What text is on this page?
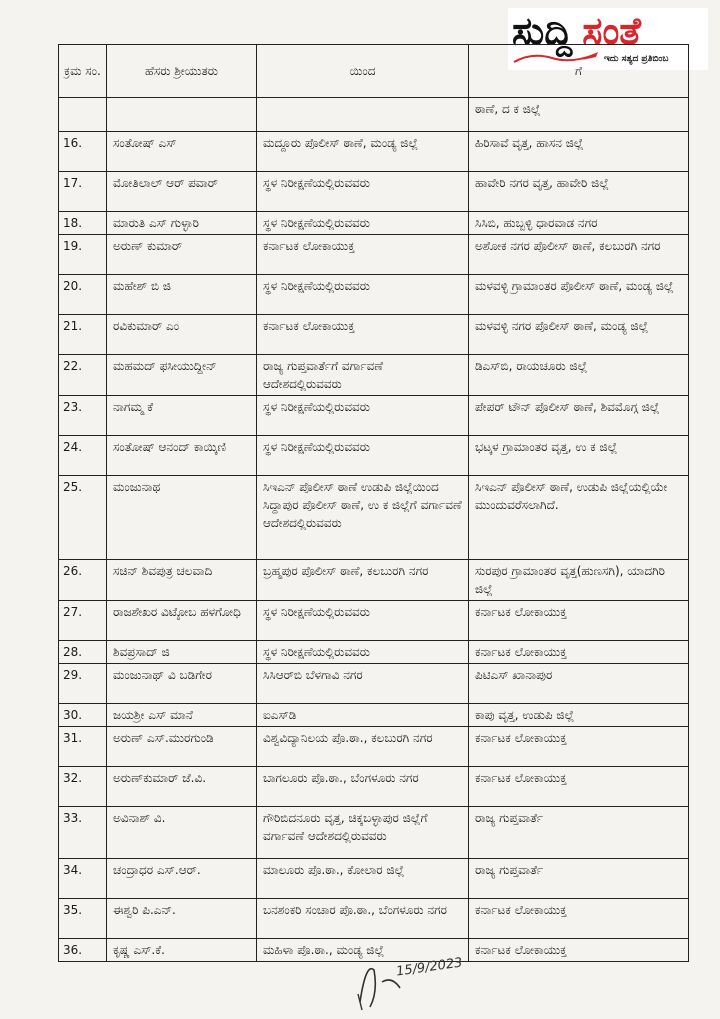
ಸುದ್ದಿ ಸಂತೆ
ಇದು ಸತ್ಯದ ಪ್ರತಿಬಿಂಬ
ಕ್ರಮ ಸಂ.	ಹೆಸರು ಶ್ರೀಯುತರು	ಯಿಂದ	ಗೆ
			ಠಾಣೆ, ದ ಕ ಜಿಲ್ಲೆ
16.	ಸಂತೋಷ್ ಎಸ್	ಮದ್ದೂರು ಪೊಲೀಸ್ ಠಾಣೆ, ಮಂಡ್ಯ ಜಿಲ್ಲೆ	ಹಿರಿಸಾವೆ ವೃತ್ತ, ಹಾಸನ ಜಿಲ್ಲೆ
17.	ಮೋತಿಲಾಲ್ ಆರ್ ಪವಾರ್	ಸ್ಥಳ ನಿರೀಕ್ಷಣೆಯಲ್ಲಿರುವವರು	ಹಾವೇರಿ ನಗರ ವೃತ್ತ, ಹಾವೇರಿ ಜಿಲ್ಲೆ
18.	ಮಾರುತಿ ಎಸ್ ಗುಳ್ಳಾರಿ	ಸ್ಥಳ ನಿರೀಕ್ಷಣೆಯಲ್ಲಿರುವವರು	ಸಿಸಿಬಿ, ಹುಬ್ಬಳ್ಳಿ ಧಾರವಾಡ ನಗರ
19.	ಅರುಣ್ ಕುಮಾರ್	ಕರ್ನಾಟಕ ಲೋಕಾಯುಕ್ತ	ಅಶೋಕ ನಗರ ಪೊಲೀಸ್ ಠಾಣೆ, ಕಲಬುರಗಿ ನಗರ
20.	ಮಹೇಶ್ ಬಿ ಜಿ	ಸ್ಥಳ ನಿರೀಕ್ಷಣೆಯಲ್ಲಿರುವವರು	ಮಳವಳ್ಳಿ ಗ್ರಾಮಾಂತರ ಪೊಲೀಸ್ ಠಾಣೆ, ಮಂಡ್ಯ ಜಿಲ್ಲೆ
21.	ರವಿಕುಮಾರ್ ಎಂ	ಕರ್ನಾಟಕ ಲೋಕಾಯುಕ್ತ	ಮಳವಳ್ಳಿ ನಗರ ಪೊಲೀಸ್ ಠಾಣೆ, ಮಂಡ್ಯ ಜಿಲ್ಲೆ
22.	ಮಹಮದ್ ಫಸೀಯುದ್ದೀನ್	ರಾಜ್ಯ ಗುಪ್ತವಾರ್ತೆಗೆ ವರ್ಗಾವಣೆ ಆದೇಶದಲ್ಲಿರುವವರು	ಡಿಎಸ್‌ಬಿ, ರಾಯಚೂರು ಜಿಲ್ಲೆ
23.	ನಾಗಮ್ಮ ಕೆ	ಸ್ಥಳ ನಿರೀಕ್ಷಣೆಯಲ್ಲಿರುವವರು	ಪೇಪರ್ ಟೌನ್ ಪೊಲೀಸ್ ಠಾಣೆ, ಶಿವಮೊಗ್ಗ ಜಿಲ್ಲೆ
24.	ಸಂತೋಷ್ ಆನಂದ್ ಕಾಯ್ಕಿಣಿ	ಸ್ಥಳ ನಿರೀಕ್ಷಣೆಯಲ್ಲಿರುವವರು	ಭಟ್ಕಳ ಗ್ರಾಮಾಂತರ ವೃತ್ತ, ಉ ಕ ಜಿಲ್ಲೆ
25.	ಮಂಜುನಾಥ	ಸಿಇಎನ್ ಪೊಲೀಸ್ ಠಾಣೆ ಉಡುಪಿ ಜಿಲ್ಲೆಯಿಂದ ಸಿದ್ದಾಪುರ ಪೊಲೀಸ್ ಠಾಣೆ, ಉ ಕ ಜಿಲ್ಲೆಗೆ ವರ್ಗಾವಣೆ ಆದೇಶದಲ್ಲಿರುವವರು	ಸಿಇಎನ್ ಪೊಲೀಸ್ ಠಾಣೆ, ಉಡುಪಿ ಜಿಲ್ಲೆಯಲ್ಲಿಯೇ ಮುಂದುವರೆಸಲಾಗಿದೆ.
26.	ಸಚಿನ್ ಶಿವಪುತ್ರ ಚಲವಾದಿ	ಬ್ರಹ್ಮಪುರ ಪೊಲೀಸ್ ಠಾಣೆ, ಕಲಬುರಗಿ ನಗರ	ಸುರಪುರ ಗ್ರಾಮಾಂತರ ವೃತ್ತ(ಹುಣಸಗಿ), ಯಾದಗಿರಿ ಜಿಲ್ಲೆ
27.	ರಾಜಶೇಖರ ವಿಟ್ಠೋಬ ಹಳಗೋಧಿ	ಸ್ಥಳ ನಿರೀಕ್ಷಣೆಯಲ್ಲಿರುವವರು	ಕರ್ನಾಟಕ ಲೋಕಾಯುಕ್ತ
28.	ಶಿವಪ್ರಸಾದ್ ಜಿ	ಸ್ಥಳ ನಿರೀಕ್ಷಣೆಯಲ್ಲಿರುವವರು	ಕರ್ನಾಟಕ ಲೋಕಾಯುಕ್ತ
29.	ಮಂಜುನಾಥ್ ವಿ ಬಡಿಗೇರ	ಸಿಸಿಆರ್‌ಬಿ ಬೆಳಗಾವಿ ನಗರ	ಪಿಟಿಎಸ್ ಖಾನಾಪುರ
30.	ಜಯಶ್ರೀ ಎಸ್ ಮಾನೆ	ಐಎಸ್‌ಡಿ	ಕಾಪು ವೃತ್ತ, ಉಡುಪಿ ಜಿಲ್ಲೆ
31.	ಅರುಣ್ ಎಸ್.ಮುರಗುಂಡಿ	ವಿಶ್ವವಿದ್ಯಾನಿಲಯ ಪೊ.ಠಾ., ಕಲಬುರಗಿ ನಗರ	ಕರ್ನಾಟಕ ಲೋಕಾಯುಕ್ತ
32.	ಅರುಣ್‌ಕುಮಾರ್ ಜೆ.ವಿ.	ಬಾಗಲೂರು ಪೊ.ಠಾ., ಬೆಂಗಳೂರು ನಗರ	ಕರ್ನಾಟಕ ಲೋಕಾಯುಕ್ತ
33.	ಅವಿನಾಶ್ ವಿ.	ಗೌರಿಬಿದನೂರು ವೃತ್ತ, ಚಿಕ್ಕಬಳ್ಳಾಪುರ ಜಿಲ್ಲೆಗೆ ವರ್ಗಾವಣೆ ಆದೇಶದಲ್ಲಿರುವವರು	ರಾಜ್ಯ ಗುಪ್ತವಾರ್ತೆ
34.	ಚಂದ್ರಾಧರ ಎಸ್.ಆರ್.	ಮಾಲೂರು ಪೊ.ಠಾ., ಕೋಲಾರ ಜಿಲ್ಲೆ	ರಾಜ್ಯ ಗುಪ್ತವಾರ್ತೆ
35.	ಈಶ್ವರಿ ಪಿ.ಎನ್.	ಬನಶಂಕರಿ ಸಂಚಾರ ಪೊ.ಠಾ., ಬೆಂಗಳೂರು ನಗರ	ಕರ್ನಾಟಕ ಲೋಕಾಯುಕ್ತ
36.	ಕೃಷ್ಣ ಎಸ್.ಕೆ.	ಮಹಿಳಾ ಪೊ.ಠಾ., ಮಂಡ್ಯ ಜಿಲ್ಲೆ	ಕರ್ನಾಟಕ ಲೋಕಾಯುಕ್ತ
15/9/2023
